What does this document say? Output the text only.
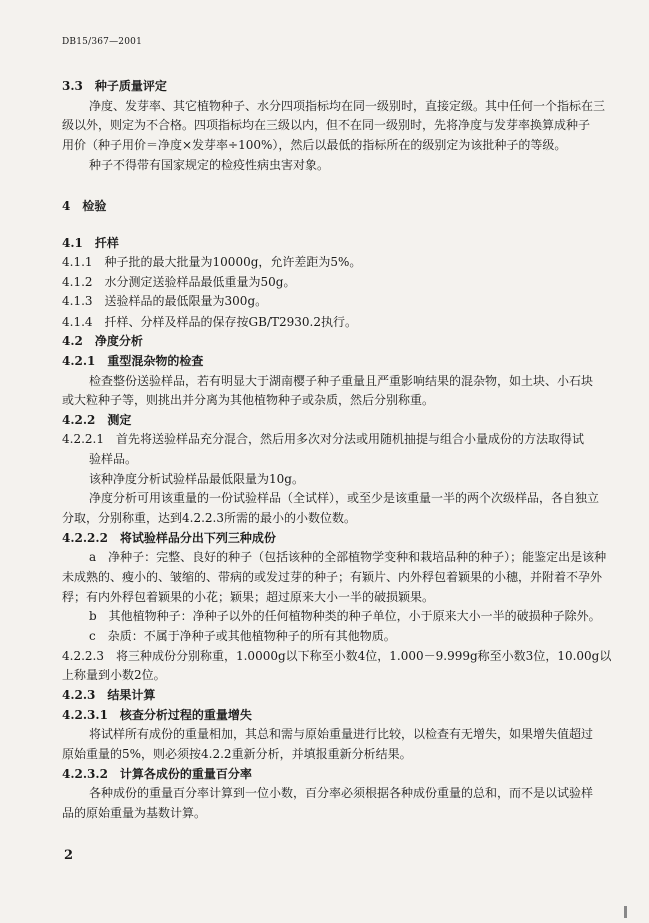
DB15/367—2001
3.3　种子质量评定
净度、发芽率、其它植物种子、水分四项指标均在同一级别时，直接定级。其中任何一个指标在三
级以外，则定为不合格。四项指标均在三级以内，但不在同一级别时，先将净度与发芽率换算成种子
用价（种子用价＝净度×发芽率÷100%），然后以最低的指标所在的级别定为该批种子的等级。
种子不得带有国家规定的检疫性病虫害对象。
4　检验
4.1　扦样
4.1.1　种子批的最大批量为10000g，允许差距为5%。
4.1.2　水分测定送验样品最低重量为50g。
4.1.3　送验样品的最低限量为300g。
4.1.4　扦样、分样及样品的保存按GB/T2930.2执行。
4.2　净度分析
4.2.1　重型混杂物的检查
检查整份送验样品，若有明显大于湖南樱子种子重量且严重影响结果的混杂物，如土块、小石块
或大粒种子等，则挑出并分离为其他植物种子或杂质，然后分别称重。
4.2.2　测定
4.2.2.1　首先将送验样品充分混合，然后用多次对分法或用随机抽提与组合小量成份的方法取得试
验样品。
该种净度分析试验样品最低限量为10g。
净度分析可用该重量的一份试验样品（全试样），或至少是该重量一半的两个次级样品，各自独立
分取，分别称重，达到4.2.2.3所需的最小的小数位数。
4.2.2.2　将试验样品分出下列三种成份
a　净种子：完整、良好的种子（包括该种的全部植物学变种和栽培品种的种子）；能鉴定出是该种
未成熟的、瘦小的、皱缩的、带病的或发过芽的种子；有颖片、内外稃包着颖果的小穗，并附着不孕外
稃；有内外稃包着颖果的小花；颖果；超过原来大小一半的破损颖果。
b　其他植物种子：净种子以外的任何植物种类的种子单位，小于原来大小一半的破损种子除外。
c　杂质：不属于净种子或其他植物种子的所有其他物质。
4.2.2.3　将三种成份分别称重，1.0000g以下称至小数4位，1.000－9.999g称至小数3位，10.00g以
上称量到小数2位。
4.2.3　结果计算
4.2.3.1　核查分析过程的重量增失
将试样所有成份的重量相加，其总和需与原始重量进行比较，以检查有无增失，如果增失值超过
原始重量的5%，则必须按4.2.2重新分析，并填报重新分析结果。
4.2.3.2　计算各成份的重量百分率
各种成份的重量百分率计算到一位小数，百分率必须根据各种成份重量的总和，而不是以试验样
品的原始重量为基数计算。
2
